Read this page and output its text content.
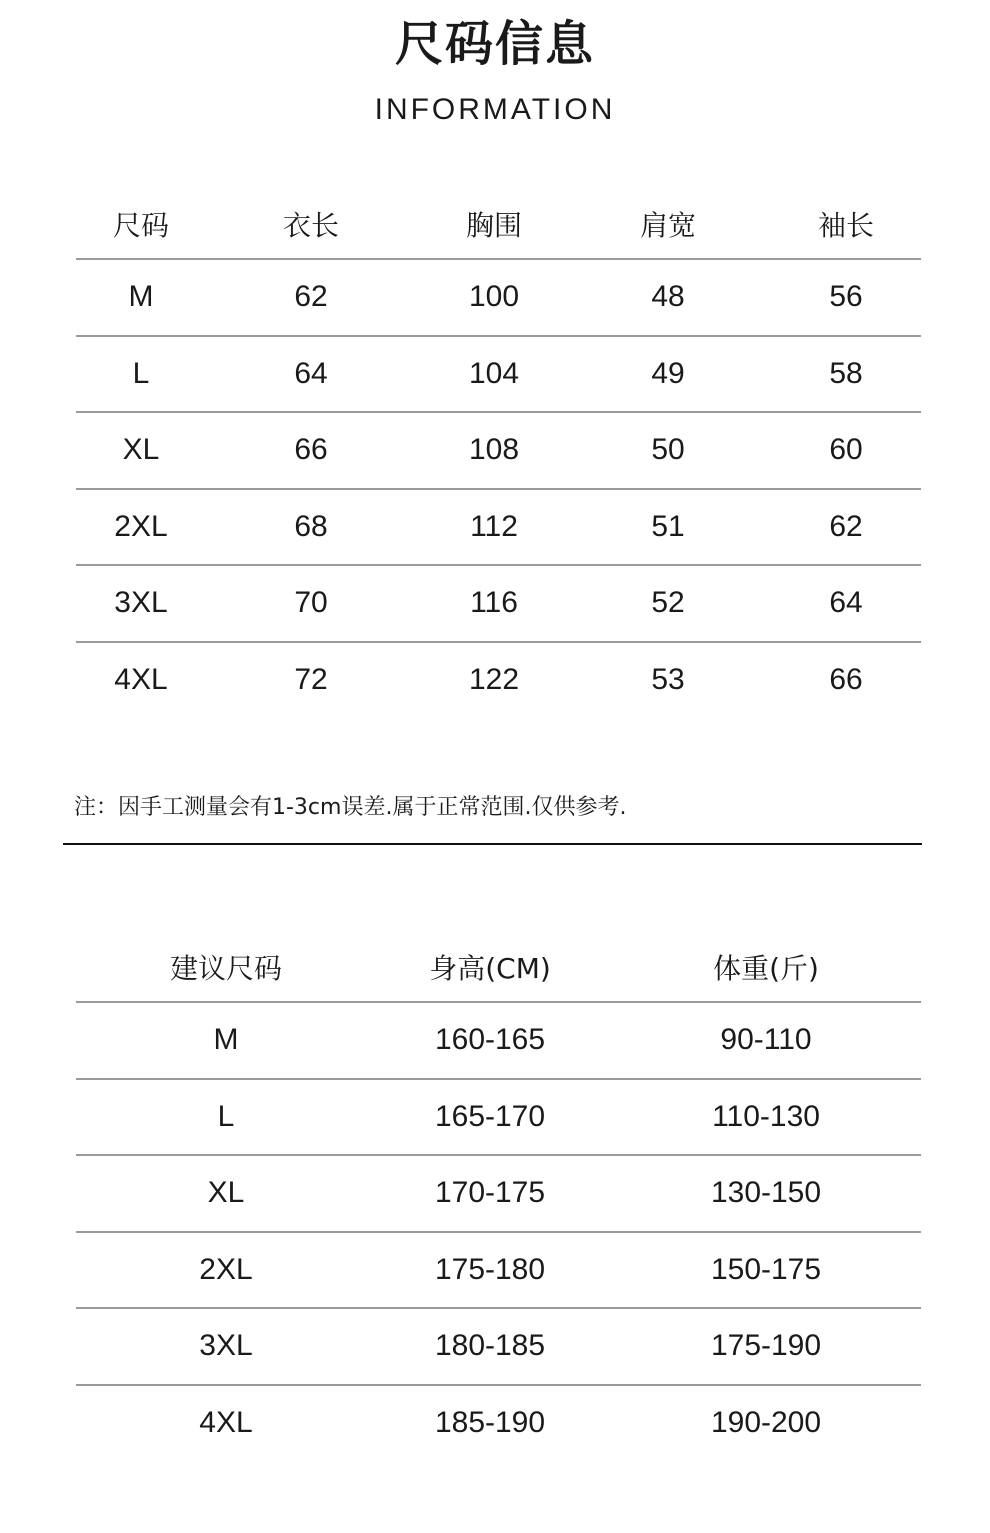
尺码信息
INFORMATION
尺码	衣长	胸围	肩宽	袖长
M	62	100	48	56
L	64	104	49	58
XL	66	108	50	60
2XL	68	112	51	62
3XL	70	116	52	64
4XL	72	122	53	66
注：因手工测量会有1-3cm误差.属于正常范围.仅供参考.
建议尺码	身高(CM)	体重(斤)
M	160-165	90-110
L	165-170	110-130
XL	170-175	130-150
2XL	175-180	150-175
3XL	180-185	175-190
4XL	185-190	190-200
